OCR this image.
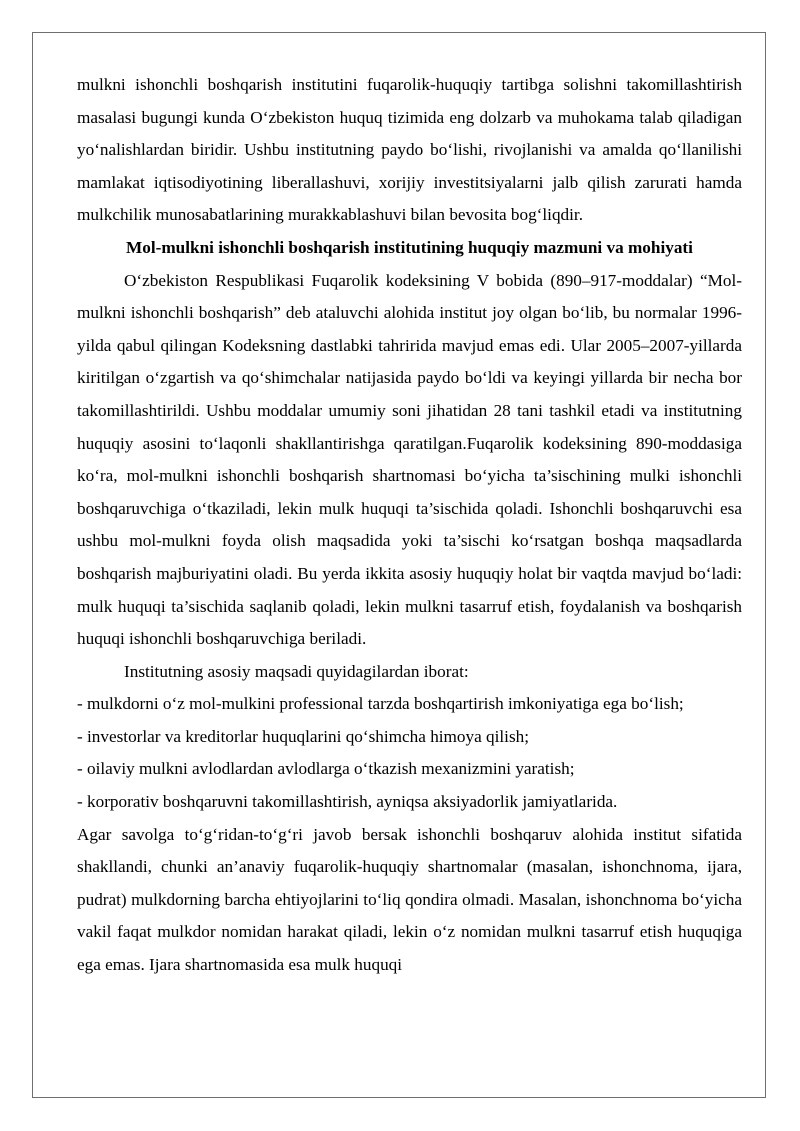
mulkni ishonchli boshqarish institutini fuqarolik-huquqiy tartibga solishni takomillashtirish masalasi bugungi kunda O‘zbekiston huquq tizimida eng dolzarb va muhokama talab qiladigan yo‘nalishlardan biridir. Ushbu institutning paydo bo‘lishi, rivojlanishi va amalda qo‘llanilishi mamlakat iqtisodiyotining liberallashuvi, xorijiy investitsiyalarni jalb qilish zarurati hamda mulkchilik munosabatlarining murakkablashuvi bilan bevosita bog‘liqdir.

Mol-mulkni ishonchli boshqarish institutining huquqiy mazmuni va mohiyati

O‘zbekiston Respublikasi Fuqarolik kodeksining V bobida (890–917-moddalar) “Mol-mulkni ishonchli boshqarish” deb ataluvchi alohida institut joy olgan bo‘lib, bu normalar 1996-yilda qabul qilingan Kodeksning dastlabki tahririda mavjud emas edi. Ular 2005–2007-yillarda kiritilgan o‘zgartish va qo‘shimchalar natijasida paydo bo‘ldi va keyingi yillarda bir necha bor takomillashtirildi. Ushbu moddalar umumiy soni jihatidan 28 tani tashkil etadi va institutning huquqiy asosini to‘laqonli shakllantirishga qaratilgan.Fuqarolik kodeksining 890-moddasiga ko‘ra, mol-mulkni ishonchli boshqarish shartnomasi bo‘yicha ta’sischining mulki ishonchli boshqaruvchiga o‘tkaziladi, lekin mulk huquqi ta’sischida qoladi. Ishonchli boshqaruvchi esa ushbu mol-mulkni foyda olish maqsadida yoki ta’sischi ko‘rsatgan boshqa maqsadlarda boshqarish majburiyatini oladi. Bu yerda ikkita asosiy huquqiy holat bir vaqtda mavjud bo‘ladi: mulk huquqi ta’sischida saqlanib qoladi, lekin mulkni tasarruf etish, foydalanish va boshqarish huquqi ishonchli boshqaruvchiga beriladi.

Institutning asosiy maqsadi quyidagilardan iborat:

- mulkdorni o‘z mol-mulkini professional tarzda boshqartirish imkoniyatiga ega bo‘lish;

- investorlar va kreditorlar huquqlarini qo‘shimcha himoya qilish;

- oilaviy mulkni avlodlardan avlodlarga o‘tkazish mexanizmini yaratish;

- korporativ boshqaruvni takomillashtirish, ayniqsa aksiyadorlik jamiyatlarida.

Agar savolga to‘g‘ridan-to‘g‘ri javob bersak ishonchli boshqaruv alohida institut sifatida shakllandi, chunki an’anaviy fuqarolik-huquqiy shartnomalar (masalan, ishonchnoma, ijara, pudrat) mulkdorning barcha ehtiyojlarini to‘liq qondira olmadi. Masalan, ishonchnoma bo‘yicha vakil faqat mulkdor nomidan harakat qiladi, lekin o‘z nomidan mulkni tasarruf etish huquqiga ega emas. Ijara shartnomasida esa mulk huquqi
